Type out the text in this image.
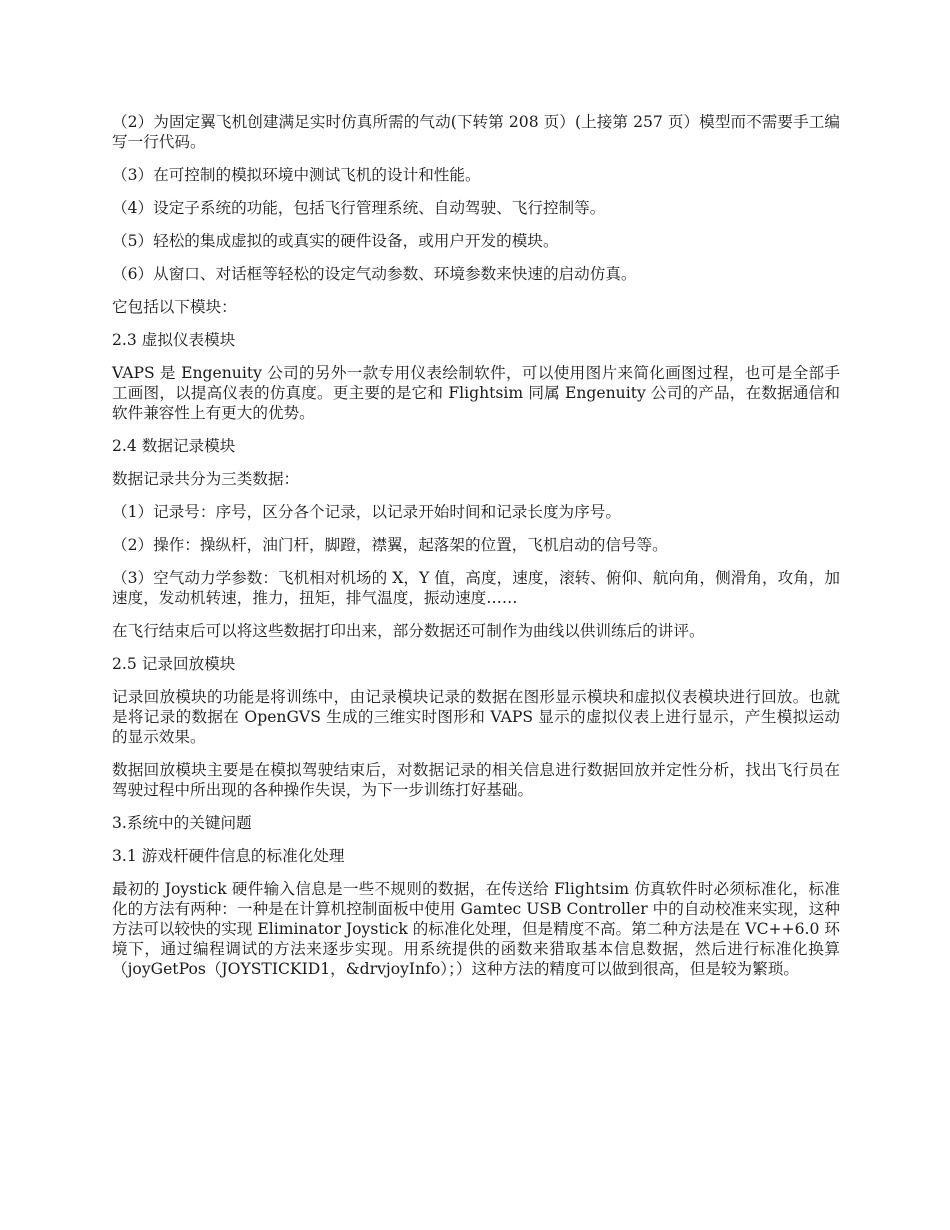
（2）为固定翼飞机创建满足实时仿真所需的气动(下转第 208 页）(上接第 257 页）模型而不需要手工编写一行代码。

（3）在可控制的模拟环境中测试飞机的设计和性能。

（4）设定子系统的功能，包括飞行管理系统、自动驾驶、飞行控制等。

（5）轻松的集成虚拟的或真实的硬件设备，或用户开发的模块。

（6）从窗口、对话框等轻松的设定气动参数、环境参数来快速的启动仿真。

它包括以下模块：

2.3 虚拟仪表模块

VAPS 是 Engenuity 公司的另外一款专用仪表绘制软件，可以使用图片来简化画图过程，也可是全部手工画图，以提高仪表的仿真度。更主要的是它和 Flightsim 同属 Engenuity 公司的产品，在数据通信和软件兼容性上有更大的优势。

2.4 数据记录模块

数据记录共分为三类数据：

（1）记录号：序号，区分各个记录，以记录开始时间和记录长度为序号。

（2）操作：操纵杆，油门杆，脚蹬，襟翼，起落架的位置，飞机启动的信号等。

（3）空气动力学参数：飞机相对机场的 X，Y 值，高度，速度，滚转、俯仰、航向角，侧滑角，攻角，加速度，发动机转速，推力，扭矩，排气温度，振动速度……

在飞行结束后可以将这些数据打印出来，部分数据还可制作为曲线以供训练后的讲评。

2.5 记录回放模块

记录回放模块的功能是将训练中，由记录模块记录的数据在图形显示模块和虚拟仪表模块进行回放。也就是将记录的数据在 OpenGVS 生成的三维实时图形和 VAPS 显示的虚拟仪表上进行显示，产生模拟运动的显示效果。

数据回放模块主要是在模拟驾驶结束后，对数据记录的相关信息进行数据回放并定性分析，找出飞行员在驾驶过程中所出现的各种操作失误，为下一步训练打好基础。

3.系统中的关键问题

3.1 游戏杆硬件信息的标准化处理

最初的 Joystick 硬件输入信息是一些不规则的数据，在传送给 Flightsim 仿真软件时必须标准化，标准化的方法有两种：一种是在计算机控制面板中使用 Gamtec USB Controller 中的自动校准来实现，这种方法可以较快的实现 Eliminator Joystick 的标准化处理，但是精度不高。第二种方法是在 VC++6.0 环境下，通过编程调试的方法来逐步实现。用系统提供的函数来猎取基本信息数据，然后进行标准化换算（joyGetPos（JOYSTICKID1，&drvjoyInfo）；）这种方法的精度可以做到很高，但是较为繁琐。
